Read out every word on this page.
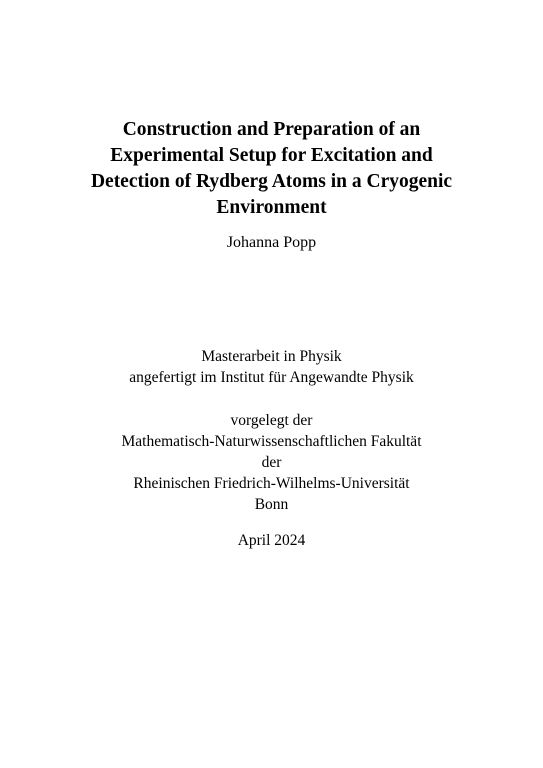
Construction and Preparation of an
Experimental Setup for Excitation and
Detection of Rydberg Atoms in a Cryogenic
Environment
Johanna Popp
Masterarbeit in Physik
angefertigt im Institut für Angewandte Physik
vorgelegt der
Mathematisch-Naturwissenschaftlichen Fakultät
der
Rheinischen Friedrich-Wilhelms-Universität
Bonn
April 2024
